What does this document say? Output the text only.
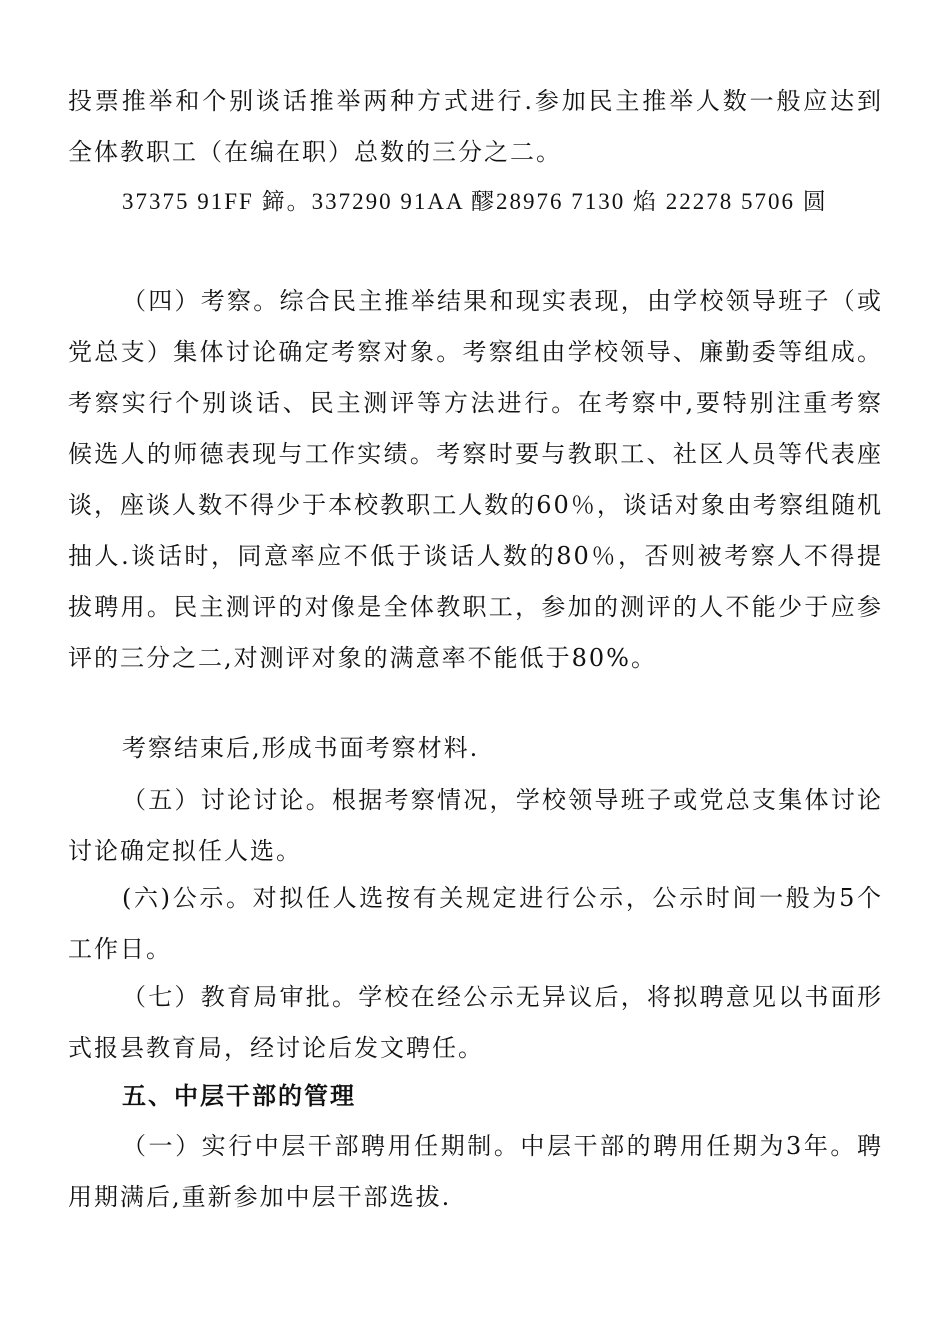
投票推举和个别谈话推举两种方式进行.参加民主推举人数一般应达到全体教职工（在编在职）总数的三分之二。

37375 91FF 鍗。337290 91AA 醪28976 7130 焰 22278 5706 圆

（四）考察。综合民主推举结果和现实表现，由学校领导班子（或党总支）集体讨论确定考察对象。考察组由学校领导、廉勤委等组成。考察实行个别谈话、民主测评等方法进行。在考察中,要特别注重考察候选人的师德表现与工作实绩。考察时要与教职工、社区人员等代表座谈，座谈人数不得少于本校教职工人数的60％，谈话对象由考察组随机抽人.谈话时，同意率应不低于谈话人数的80％，否则被考察人不得提拔聘用。民主测评的对像是全体教职工，参加的测评的人不能少于应参评的三分之二,对测评对象的满意率不能低于80%。

考察结束后,形成书面考察材料.

（五）讨论讨论。根据考察情况，学校领导班子或党总支集体讨论讨论确定拟任人选。

(六)公示。对拟任人选按有关规定进行公示，公示时间一般为5个工作日。

（七）教育局审批。学校在经公示无异议后，将拟聘意见以书面形式报县教育局，经讨论后发文聘任。

五、中层干部的管理

（一）实行中层干部聘用任期制。中层干部的聘用任期为3年。聘用期满后,重新参加中层干部选拔.
